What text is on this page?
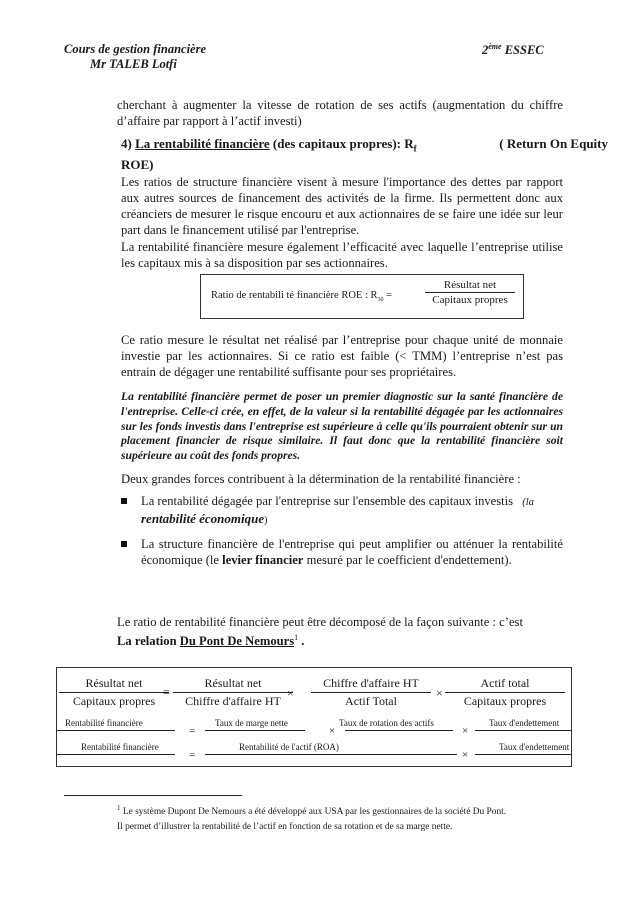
Cours de gestion financière
Mr TALEB Lotfi
2ème ESSEC
cherchant à augmenter la vitesse de rotation de ses actifs (augmentation du chiffre d’affaire par rapport à l’actif investi)
4) La rentabilité financière (des capitaux propres): $R_f$	( Return On Equity
ROE)

Les ratios de structure financière visent à mesure l'importance des dettes par rapport aux autres sources de financement des activités de la firme. Ils permettent donc aux créanciers de mesurer le risque encouru et aux actionnaires de se faire une idée sur leur part dans le financement utilisé par l'entreprise.

La rentabilité financière mesure également l’efficacité avec laquelle l’entreprise utilise les capitaux mis à sa disposition par ses actionnaires.

Ratio de rentabili té financière ROE : $R_{30}$ =
Résultat net
Capitaux propres
Ce ratio mesure le résultat net réalisé par l’entreprise pour chaque unité de monnaie investie par les actionnaires. Si ce ratio est faible (< TMM) l’entreprise n’est pas entrain de dégager une rentabilité suffisante pour ses propriétaires.
La rentabilité financière permet de poser un premier diagnostic sur la santé financière de l'entreprise. Celle-ci crée, en effet, de la valeur si la rentabilité dégagée par les actionnaires sur les fonds investis dans l'entreprise est supérieure à celle qu'ils pourraient obtenir sur un placement financier de risque similaire. Il faut donc que la rentabilité financière soit supérieure au coût des fonds propres.
Deux grandes forces contribuent à la détermination de la rentabilité financière :
La rentabilité dégagée par l'entreprise sur l'ensemble des capitaux investis (la
rentabilité économique)
La structure financière de l'entreprise qui peut amplifier ou atténuer la rentabilité économique (le levier financier mesuré par le coefficient d'endettement).

Le ratio de rentabilité financière peut être décomposé de la façon suivante : c’est

La relation Du Pont De Nemours$^1$ .

Résultat net
Capitaux propres
=
Résultat net
Chiffre d'affaire HT
×
Chiffre d'affaire HT
Actif Total
×
Actif total
Capitaux propres
Rentabilité financière
=
Taux de marge nette
×
Taux de rotation des actifs
×
Taux d'endettement
Rentabilité financière
=
Rentabilité de l'actif (ROA)
×
Taux d'endettement
$^1$ Le système Dupont De Nemours a été développé aux USA par les gestionnaires de la société Du Pont.
Il permet d’illustrer la rentabilité de l’actif en fonction de sa rotation et de sa marge nette.
